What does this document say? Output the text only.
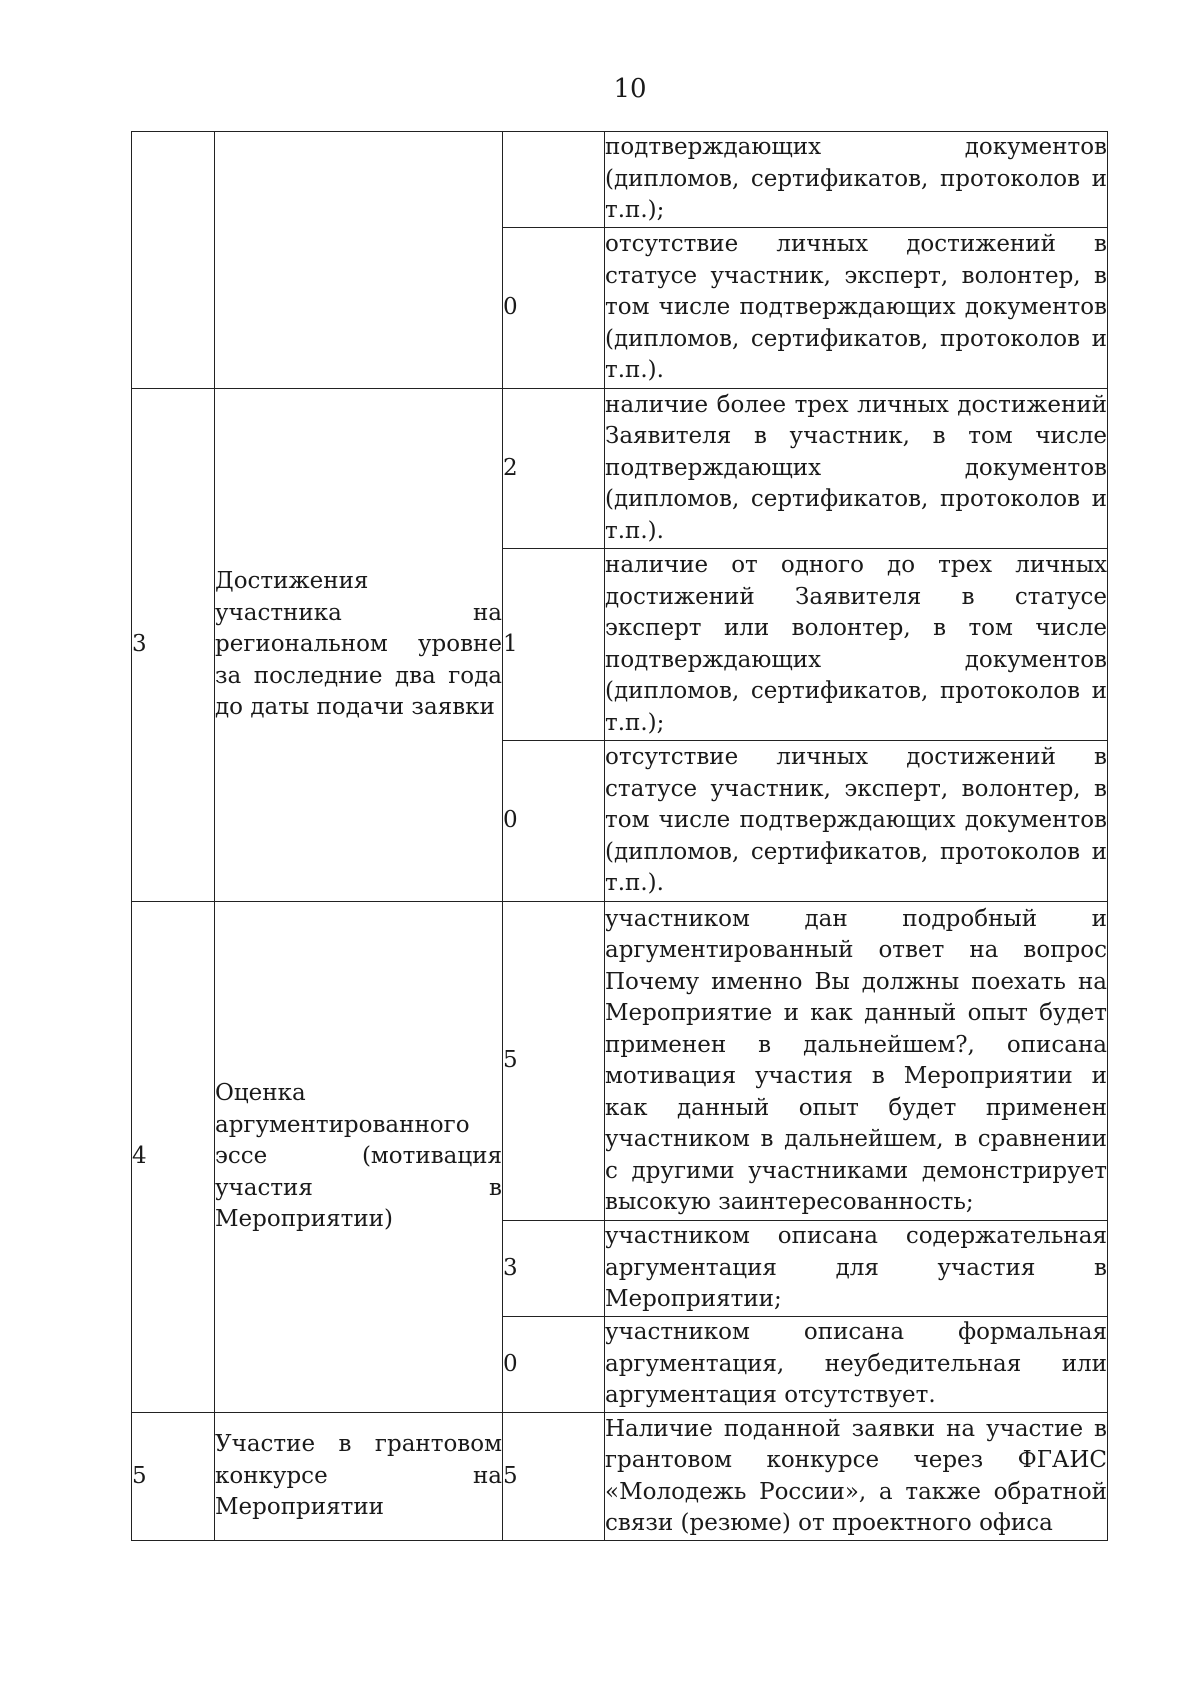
10
			подтверждающих документов (дипломов, сертификатов, протоколов и т.п.);
		0	отсутствие личных достижений в статусе участник, эксперт, волонтер, в том числе подтверждающих документов (дипломов, сертификатов, протоколов и т.п.).
3	Достижения участника на региональном уровне за последние два года до даты подачи заявки	2	наличие более трех личных достижений Заявителя в участник, в том числе подтверждающих документов (дипломов, сертификатов, протоколов и т.п.).
		1	наличие от одного до трех личных достижений Заявителя в статусе эксперт или волонтер, в том числе подтверждающих документов (дипломов, сертификатов, протоколов и т.п.);
		0	отсутствие личных достижений в статусе участник, эксперт, волонтер, в том числе подтверждающих документов (дипломов, сертификатов, протоколов и т.п.).
4	Оценка аргументированного эссе (мотивация участия в Мероприятии)	5	участником дан подробный и аргументированный ответ на вопрос Почему именно Вы должны поехать на Мероприятие и как данный опыт будет применен в дальнейшем?, описана мотивация участия в Мероприятии и как данный опыт будет применен участником в дальнейшем, в сравнении с другими участниками демонстрирует высокую заинтересованность;
		3	участником описана содержательная аргументация для участия в Мероприятии;
		0	участником описана формальная аргументация, неубедительная или аргументация отсутствует.
5	Участие в грантовом конкурсе на Мероприятии	5	Наличие поданной заявки на участие в грантовом конкурсе через ФГАИС «Молодежь России», а также обратной связи (резюме) от проектного офиса
